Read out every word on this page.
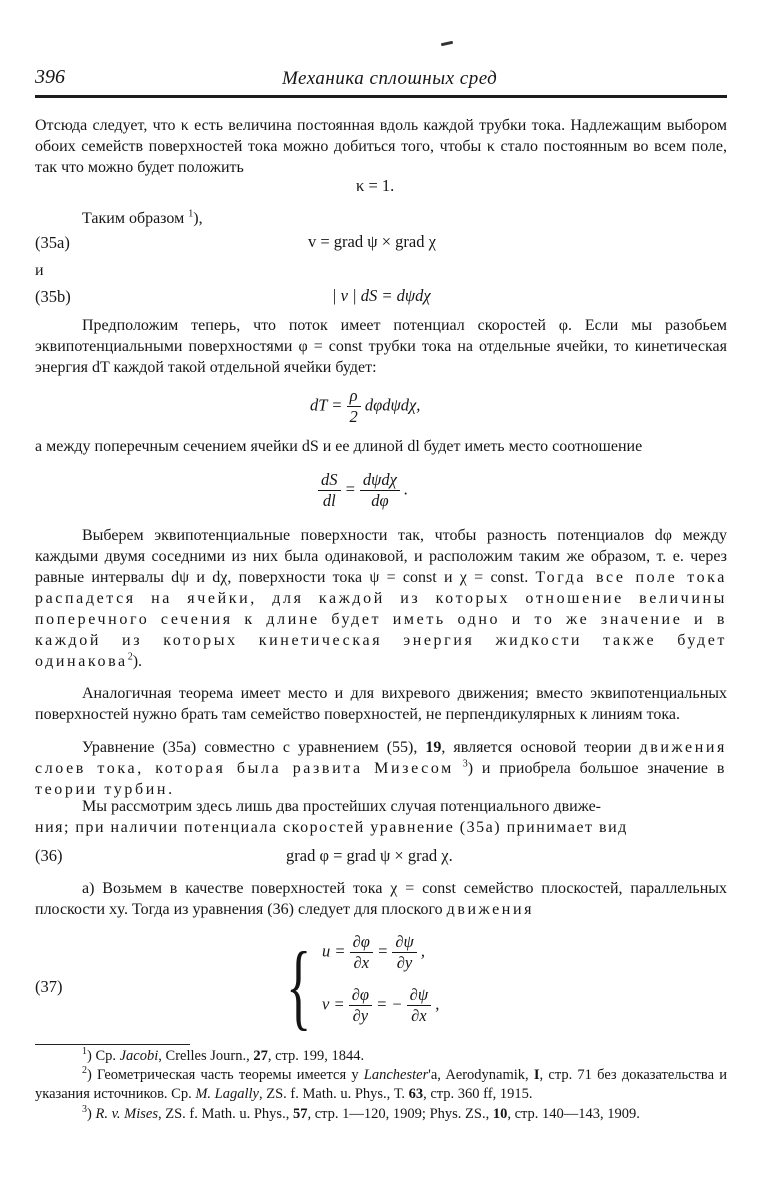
396	Механика сплошных сред

Отсюда следует, что κ есть величина постоянная вдоль каждой трубки тока. Надлежащим выбором обоих семейств поверхностей тока можно добиться того, чтобы κ стало постоянным во всем поле, так что можно будет положить

κ = 1.
Таким образом $^1$),
(35a)	v = grad ψ × grad χ
и
(35b)	| v | dS = dψdχ

Предположим теперь, что поток имеет потенциал скоростей φ. Если мы разобьем эквипотенциальными поверхностями φ = const трубки тока на отдельные ячейки, то кинетическая энергия dT каждой такой отдельной ячейки будет:

dT = $\frac{\rho}{2} d\varphi d\psi d\chi$,

а между поперечным сечением ячейки dS и ее длиной dl будет иметь место соотношение

$\frac{dS}{dl} = \frac{\text{dψdχ}}{d\varphi}$ .
Выберем эквипотенциальные поверхности так, чтобы разность потенциалов dφ между каждыми двумя соседними из них была одинаковой, и расположим таким же образом, т. е. через равные интервалы dψ и dχ, поверхности тока ψ = const и χ = const. Тогда все поле тока распадется на ячейки, для каждой из которых отношение величины поперечного сечения к длине будет иметь одно и то же значение и в каждой из которых кинетическая энергия жидкости также будет одинакова$^2$).

Аналогичная теорема имеет место и для вихревого движения; вместо эквипотенциальных поверхностей нужно брать там семейство поверхностей, не перпендикулярных к линиям тока.

Уравнение (35a) совместно с уравнением (55), 19, является основой теории движения слоев тока, которая была развита Мизесом $^3$) и приобрела большое значение в теории турбин.
Мы рассмотрим здесь лишь два простейших случая потенциального движе-
ния; при наличии потенциала скоростей уравнение (35a) принимает вид
(36)	grad φ = grad ψ × grad χ.
а) Возьмем в качестве поверхностей тока χ = const семейство плоскостей, параллельных плоскости xy. Тогда из уравнения (36) следует для плоского движения
(37) { $u = \frac{\partial\varphi}{\partial x} = \frac{\partial\psi}{\partial y}$ ,
$v = \frac{\partial\varphi}{\partial y}$ = − $\frac{\partial\psi}{\partial x}$ ,
$^1$) Ср. Jacobi, Crelles Journ., 27, стр. 199, 1844.
$^2$) Геометрическая часть теоремы имеется у Lanchester'a, Aerodynamik, I, стр. 71 без доказательства и указания источников. Ср. M. Lagally, ZS. f. Math. u. Phys., Т. 63, стр. 360 ff, 1915.
$^3$) R. v. Mises, ZS. f. Math. u. Phys., 57, стр. 1—120, 1909; Phys. ZS., 10, стр. 140—143, 1909.
